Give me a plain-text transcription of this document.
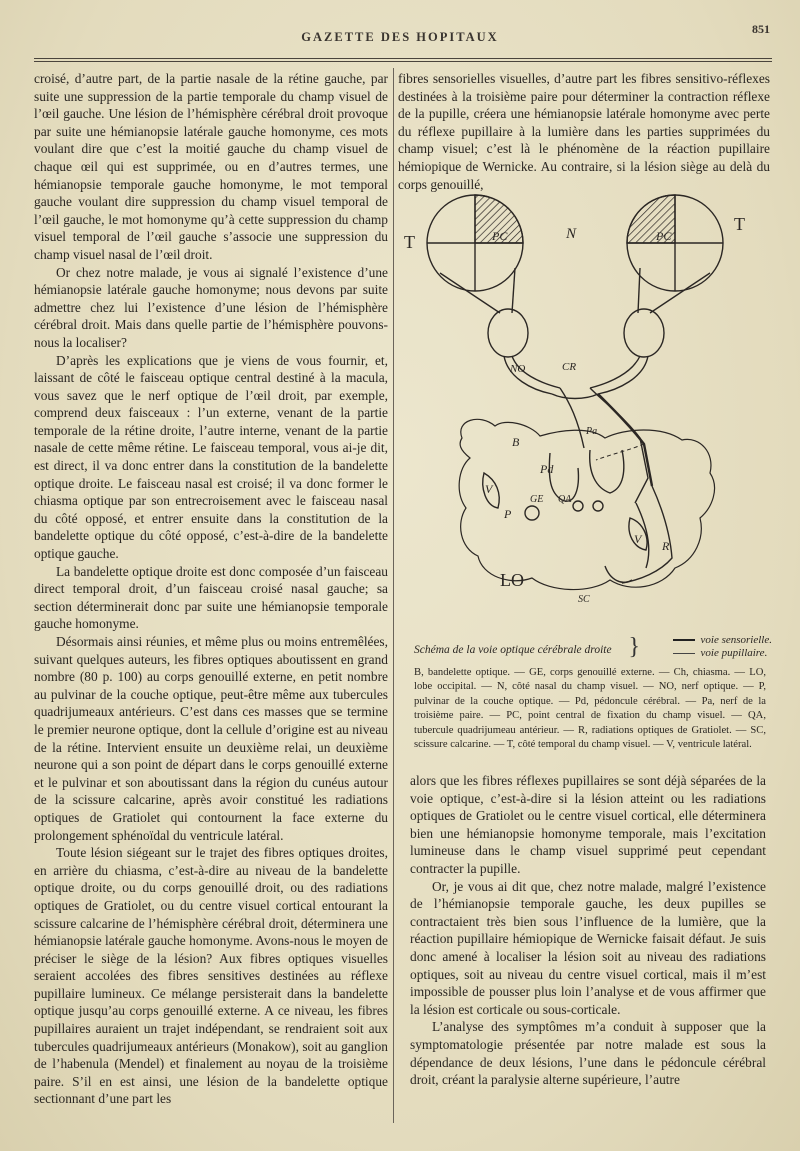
GAZETTE DES HOPITAUX
851

croisé, d’autre part, de la partie nasale de la rétine gauche, par suite une suppression de la partie temporale du champ visuel de l’œil gauche. Une lésion de l’hémisphère cérébral droit provoque par suite une hémianopsie latérale gauche homonyme, ces mots voulant dire que c’est la moitié gauche du champ visuel de chaque œil qui est supprimée, ou en d’autres termes, une hémianopsie temporale gauche homonyme, le mot temporal gauche voulant dire suppression du champ visuel temporal de l’œil gauche, le mot homonyme qu’à cette suppression du champ visuel temporal de l’œil gauche s’associe une suppression du champ visuel nasal de l’œil droit.

Or chez notre malade, je vous ai signalé l’existence d’une hémianopsie latérale gauche homonyme; nous devons par suite admettre chez lui l’existence d’une lésion de l’hémisphère cérébral droit. Mais dans quelle partie de l’hémisphère pouvons-nous la localiser?

D’après les explications que je viens de vous fournir, et, laissant de côté le faisceau optique central destiné à la macula, vous savez que le nerf optique de l’œil droit, par exemple, comprend deux faisceaux : l’un externe, venant de la partie temporale de la rétine droite, l’autre interne, venant de la partie nasale de cette même rétine. Le faisceau temporal, vous ai-je dit, est direct, il va donc entrer dans la constitution de la bandelette optique droite. Le faisceau nasal est croisé; il va donc former le chiasma optique par son entrecroisement avec le faisceau nasal du côté opposé, et entrer ensuite dans la constitution de la bandelette optique du côté opposé, c’est-à-dire de la bandelette optique gauche.

La bandelette optique droite est donc composée d’un faisceau direct temporal droit, d’un faisceau croisé nasal gauche; sa section déterminerait donc par suite une hémianopsie temporale gauche homonyme.

Désormais ainsi réunies, et même plus ou moins entremêlées, suivant quelques auteurs, les fibres optiques aboutissent en grand nombre (80 p. 100) au corps genouillé externe, en petit nombre au pulvinar de la couche optique, peut-être même aux tubercules quadrijumeaux antérieurs. C’est dans ces masses que se termine le premier neurone optique, dont la cellule d’origine est au niveau de la rétine. Intervient ensuite un deuxième relai, un deuxième neurone qui a son point de départ dans le corps genouillé externe et le pulvinar et son aboutissant dans la région du cunéus autour de la scissure calcarine, après avoir constitué les radiations optiques de Gratiolet qui contournent la face externe du prolongement sphénoïdal du ventricule latéral.

Toute lésion siégeant sur le trajet des fibres optiques droites, en arrière du chiasma, c’est-à-dire au niveau de la bandelette optique droite, ou du corps genouillé droit, ou des radiations optiques de Gratiolet, ou du centre visuel cortical entourant la scissure calcarine de l’hémisphère cérébral droit, déterminera une hémianopsie latérale gauche homonyme. Avons-nous le moyen de préciser le siège de la lésion? Aux fibres optiques visuelles seraient accolées des fibres sensitives destinées au réflexe pupillaire lumineux. Ce mélange persisterait dans la bandelette optique jusqu’au corps genouillé externe. A ce niveau, les fibres pupillaires auraient un trajet indépendant, se rendraient soit aux tubercules quadrijumeaux antérieurs (Monakow), soit au ganglion de l’habenula (Mendel) et finalement au noyau de la troisième paire. S’il en est ainsi, une lésion de la bandelette optique sectionnant d’une part les

fibres sensorielles visuelles, d’autre part les fibres sensitivo-réflexes destinées à la troisième paire pour déterminer la contraction réflexe de la pupille, créera une hémianopsie latérale homonyme avec perte du réflexe pupillaire à la lumière dans les parties supprimées du champ visuel; c’est là le phénomène de la réaction pupillaire hémiopique de Wernicke. Au contraire, si la lésion siège au delà du corps genouillé,

T
T
N
PC	PC
NO	CR
B
Pd
Pa
GE QA
P
V
V R
LO
SC
Schéma de la voie optique cérébrale droite }	voie sensorielle.
voie pupillaire.
B, bandelette optique. — GE, corps genouillé externe. — Ch, chiasma. — LO, lobe occipital. — N, côté nasal du champ visuel. — NO, nerf optique. — P, pulvinar de la couche optique. — Pd, pédoncule cérébral. — Pa, nerf de la troisième paire. — PC, point central de fixation du champ visuel. — QA, tubercule quadrijumeau antérieur. — R, radiations optiques de Gratiolet. — SC, scissure calcarine. — T, côté temporal du champ visuel. — V, ventricule latéral.

alors que les fibres réflexes pupillaires se sont déjà séparées de la voie optique, c’est-à-dire si la lésion atteint ou les radiations optiques de Gratiolet ou le centre visuel cortical, elle déterminera bien une hémianopsie homonyme temporale, mais l’excitation lumineuse dans le champ visuel supprimé peut cependant contracter la pupille.

Or, je vous ai dit que, chez notre malade, malgré l’existence de l’hémianopsie temporale gauche, les deux pupilles se contractaient très bien sous l’influence de la lumière, que la réaction pupillaire hémiopique de Wernicke faisait défaut. Je suis donc amené à localiser la lésion soit au niveau des radiations optiques, soit au niveau du centre visuel cortical, mais il m’est impossible de pousser plus loin l’analyse et de vous affirmer que la lésion est corticale ou sous-corticale.

L’analyse des symptômes m’a conduit à supposer que la symptomatologie présentée par notre malade est sous la dépendance de deux lésions, l’une dans le pédoncule cérébral droit, créant la paralysie alterne supérieure, l’autre
